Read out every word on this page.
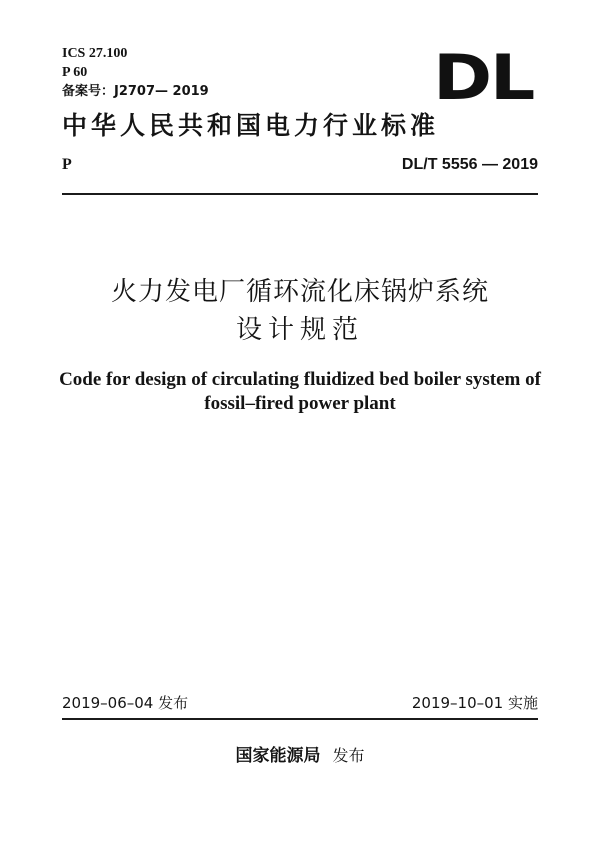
ICS 27.100
P 60
备案号：J2707— 2019	DL
中华人民共和国电力行业标准
P	DL/T 5556 — 2019
火力发电厂循环流化床锅炉系统
设计规范
Code for design of circulating fluidized bed boiler system of
fossil–fired power plant
2019–06–04 发布	2019–10–01 实施
国家能源局 发布
